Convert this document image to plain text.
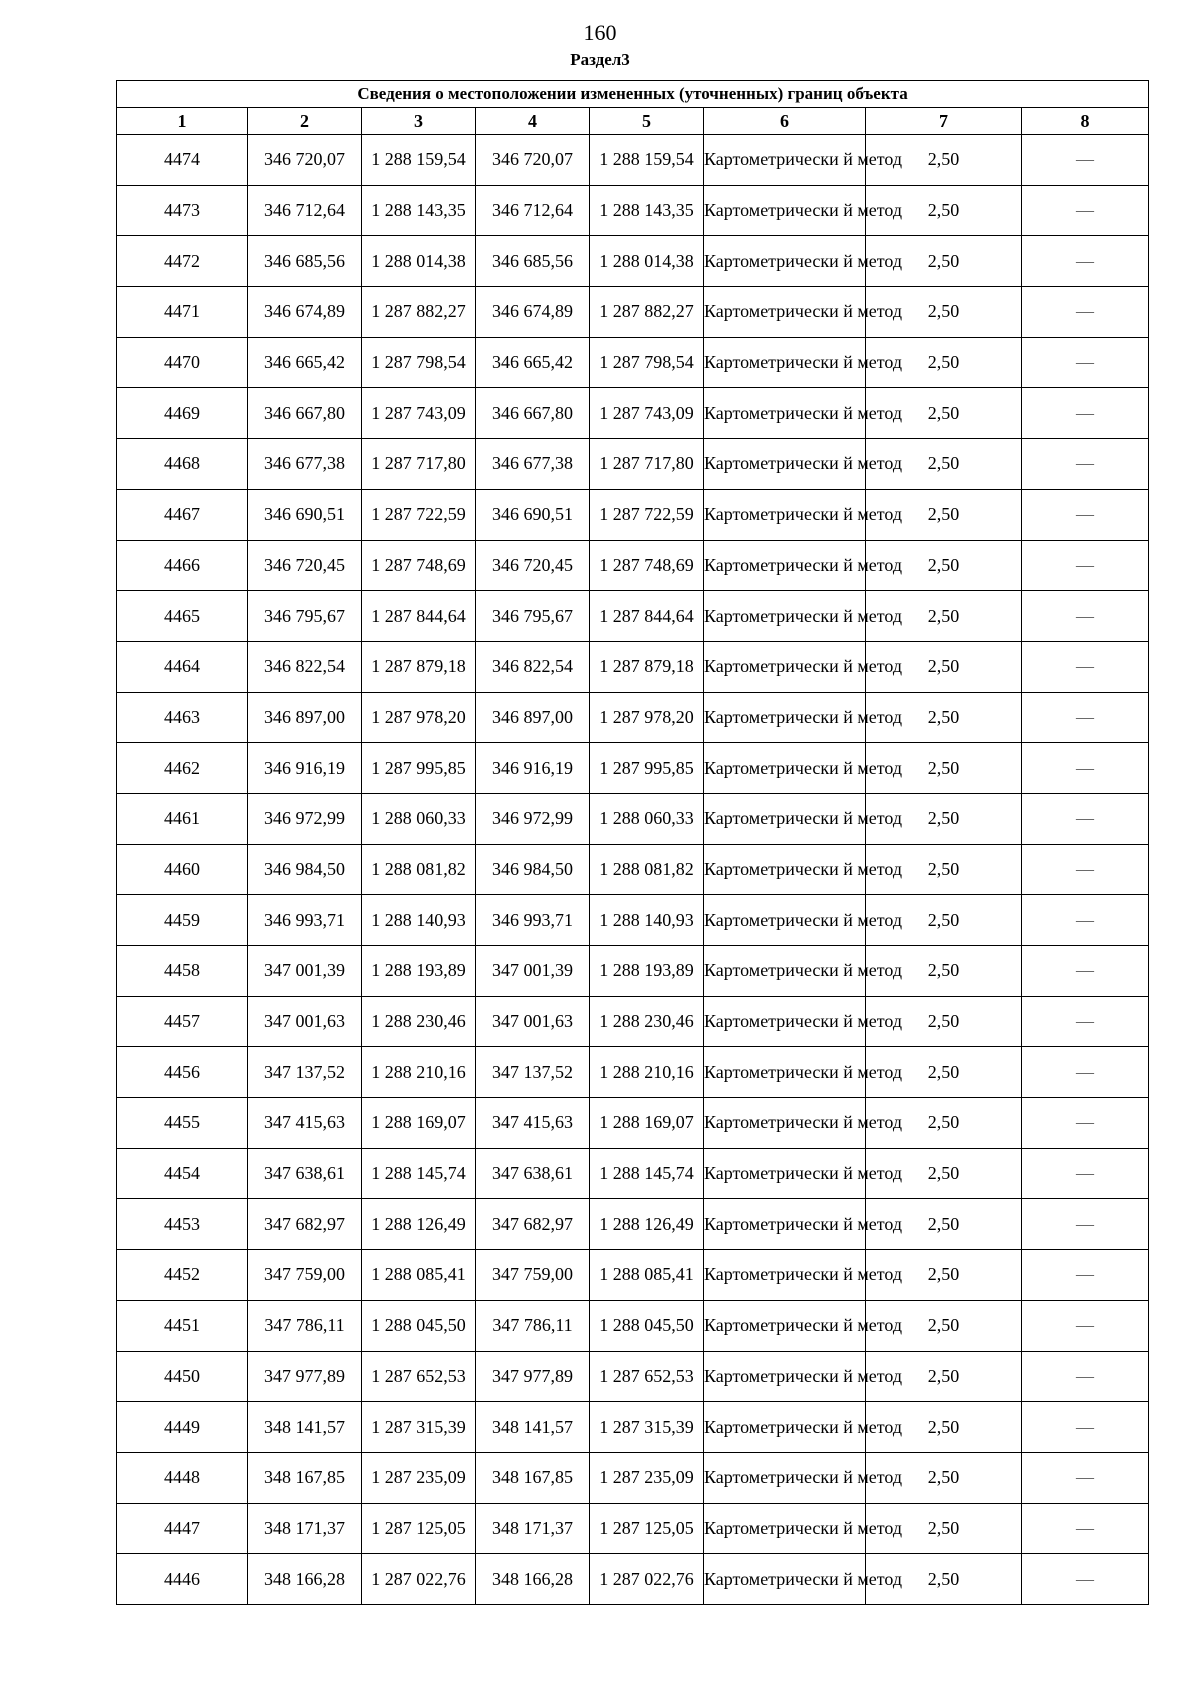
160
Раздел3
Сведения о местоположении измененных (уточненных) границ объекта							
1	2	3	4	5	6	7	8
4474	346 720,07	1 288 159,54	346 720,07	1 288 159,54	Картометрически й метод	2,50	—
4473	346 712,64	1 288 143,35	346 712,64	1 288 143,35	Картометрически й метод	2,50	—
4472	346 685,56	1 288 014,38	346 685,56	1 288 014,38	Картометрически й метод	2,50	—
4471	346 674,89	1 287 882,27	346 674,89	1 287 882,27	Картометрически й метод	2,50	—
4470	346 665,42	1 287 798,54	346 665,42	1 287 798,54	Картометрически й метод	2,50	—
4469	346 667,80	1 287 743,09	346 667,80	1 287 743,09	Картометрически й метод	2,50	—
4468	346 677,38	1 287 717,80	346 677,38	1 287 717,80	Картометрически й метод	2,50	—
4467	346 690,51	1 287 722,59	346 690,51	1 287 722,59	Картометрически й метод	2,50	—
4466	346 720,45	1 287 748,69	346 720,45	1 287 748,69	Картометрически й метод	2,50	—
4465	346 795,67	1 287 844,64	346 795,67	1 287 844,64	Картометрически й метод	2,50	—
4464	346 822,54	1 287 879,18	346 822,54	1 287 879,18	Картометрически й метод	2,50	—
4463	346 897,00	1 287 978,20	346 897,00	1 287 978,20	Картометрически й метод	2,50	—
4462	346 916,19	1 287 995,85	346 916,19	1 287 995,85	Картометрически й метод	2,50	—
4461	346 972,99	1 288 060,33	346 972,99	1 288 060,33	Картометрически й метод	2,50	—
4460	346 984,50	1 288 081,82	346 984,50	1 288 081,82	Картометрически й метод	2,50	—
4459	346 993,71	1 288 140,93	346 993,71	1 288 140,93	Картометрически й метод	2,50	—
4458	347 001,39	1 288 193,89	347 001,39	1 288 193,89	Картометрически й метод	2,50	—
4457	347 001,63	1 288 230,46	347 001,63	1 288 230,46	Картометрически й метод	2,50	—
4456	347 137,52	1 288 210,16	347 137,52	1 288 210,16	Картометрически й метод	2,50	—
4455	347 415,63	1 288 169,07	347 415,63	1 288 169,07	Картометрически й метод	2,50	—
4454	347 638,61	1 288 145,74	347 638,61	1 288 145,74	Картометрически й метод	2,50	—
4453	347 682,97	1 288 126,49	347 682,97	1 288 126,49	Картометрически й метод	2,50	—
4452	347 759,00	1 288 085,41	347 759,00	1 288 085,41	Картометрически й метод	2,50	—
4451	347 786,11	1 288 045,50	347 786,11	1 288 045,50	Картометрически й метод	2,50	—
4450	347 977,89	1 287 652,53	347 977,89	1 287 652,53	Картометрически й метод	2,50	—
4449	348 141,57	1 287 315,39	348 141,57	1 287 315,39	Картометрически й метод	2,50	—
4448	348 167,85	1 287 235,09	348 167,85	1 287 235,09	Картометрически й метод	2,50	—
4447	348 171,37	1 287 125,05	348 171,37	1 287 125,05	Картометрически й метод	2,50	—
4446	348 166,28	1 287 022,76	348 166,28	1 287 022,76	Картометрически й метод	2,50	—
